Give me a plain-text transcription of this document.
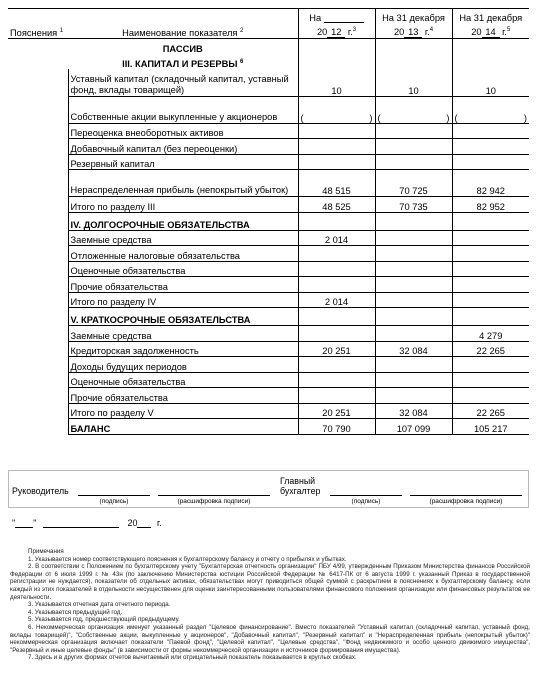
		На	На 31 декабря	На 31 декабря
Пояснения $^1$	Наименование показателя $^2$	20 12 г.$^3$	20 13 г.$^4$	20 14 г.$^5$
	ПАССИВ			
	III. КАПИТАЛ И РЕЗЕРВЫ $^6$			
	Уставный капитал (складочный капитал, уставный фонд, вклады товарищей)	10	10	10
	Собственные акции выкупленные у акционеров	( )	( )	( )

	Переоценка внеоборотных активов			
	Добавочный капитал (без переоценки)			
	Резервный капитал			
	Нераспределенная прибыль (непокрытый убыток)	48 515	70 725	82 942
	Итого по разделу III	48 525	70 735	82 952
	IV. ДОЛГОСРОЧНЫЕ ОБЯЗАТЕЛЬСТВА			
	Заемные средства	2 014		
	Отложенные налоговые обязательства			
	Оценочные обязательства			
	Прочие обязательства			
	Итого по разделу IV	2 014		
	V. КРАТКОСРОЧНЫЕ ОБЯЗАТЕЛЬСТВА			
	Заемные средства			4 279
	Кредиторская задолженность	20 251	32 084	22 265
	Доходы будущих периодов			
	Оценочные обязательства			
	Прочие обязательства			
	Итого по разделу V	20 251	32 084	22 265
	БАЛАНС	70 790	107 099	105 217
Руководитель
(подпись)	(расшифровка подписи)
Главный
бухгалтер
(подпись)	(расшифровка подписи)
" "	20 г.

Примечания

1. Указывается номер соответствующего пояснения к бухгалтерскому балансу и отчету о прибылях и убытках.

2. В соответствии с Положением по бухгалтерскому учету "Бухгалтерская отчетность организации" ПБУ 4/99, утвержденным Приказом Министерства финансов Российской Федерации от 6 июля 1999 г. № 43н (по заключению Министерства юстиции Российской Федерации № 6417-ПК от 6 августа 1999 г. указанный Приказ в государственной регистрации не нуждается), показатели об отдельных активах, обязательствах могут приводиться общей суммой с раскрытием в пояснениях к бухгалтерскому балансу, если каждый из этих показателей в отдельности несущественен для оценки заинтересованными пользователями финансового положения организации или финансовых результатов ее деятельности.

3. Указывается отчетная дата отчетного периода.

4. Указывается предыдущий год.

5. Указывается год, предшествующий предыдущему.

6. Некоммерческая организация именует указанный раздел "Целевое финансирование". Вместо показателей "Уставный капитал (складочный капитал, уставный фонд, вклады товарищей)", "Собственные акции, выкупленные у акционеров", "Добавочный капитал", "Резервный капитал" и "Нераспределенная прибыль (непокрытый убыток)" некоммерческая организация включает показатели "Паевой фонд", "Целевой капитал", "Целевые средства", "Фонд недвижимого и особо ценного движимого имущества", "Резервный и иные целевые фонды" (в зависимости от формы некоммерческой организации и источников формирования имущества).

7. Здесь и в других формах отчетов вычитаемый или отрицательный показатель показывается в круглых скобках.
